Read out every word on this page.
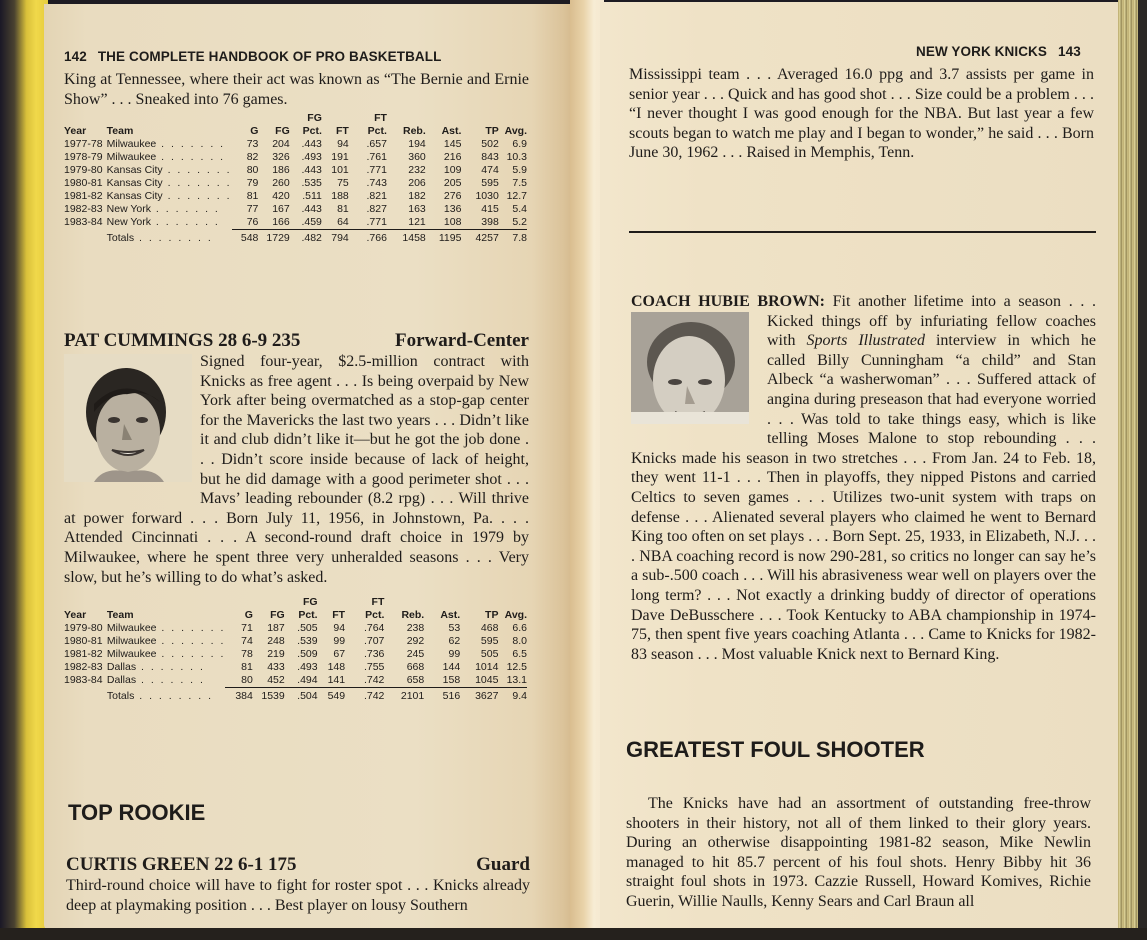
142 THE COMPLETE HANDBOOK OF PRO BASKETBALL

King at Tennessee, where their act was known as “The Bernie and Ernie Show” . . . Sneaked into 76 games.

				FG		FT				
Year	Team	G	FG	Pct.	FT	Pct.	Reb.	Ast.	TP	Avg.
1977-78	Milwaukee . . . . . . .	73	204	.443	94	.657	194	145	502	6.9
1978-79	Milwaukee . . . . . . .	82	326	.493	191	.761	360	216	843	10.3
1979-80	Kansas City . . . . . . .	80	186	.443	101	.771	232	109	474	5.9
1980-81	Kansas City . . . . . . .	79	260	.535	75	.743	206	205	595	7.5
1981-82	Kansas City . . . . . . .	81	420	.511	188	.821	182	276	1030	12.7
1982-83	New York . . . . . . .	77	167	.443	81	.827	163	136	415	5.4
1983-84	New York . . . . . . .	76	166	.459	64	.771	121	108	398	5.2
	Totals . . . . . . . .	548	1729	.482	794	.766	1458	1195	4257	7.8
PAT CUMMINGS 28 6-9 235	Forward-Center

Signed four-year, $2.5-million contract with Knicks as free agent . . . Is being overpaid by New York after being overmatched as a stop-gap center for the Mavericks the last two years . . . Didn’t like it and club didn’t like it—but he got the job done . . . Didn’t score inside because of lack of height, but he did damage with a good perimeter shot . . . Mavs’ leading rebounder (8.2 rpg) . . . Will thrive at power forward . . . Born July 11, 1956, in Johnstown, Pa. . . . Attended Cincinnati . . . A second-round draft choice in 1979 by Milwaukee, where he spent three very unheralded seasons . . . Very slow, but he’s willing to do what’s asked.

				FG		FT				
Year	Team	G	FG	Pct.	FT	Pct.	Reb.	Ast.	TP	Avg.
1979-80	Milwaukee . . . . . . .	71	187	.505	94	.764	238	53	468	6.6
1980-81	Milwaukee . . . . . . .	74	248	.539	99	.707	292	62	595	8.0
1981-82	Milwaukee . . . . . . .	78	219	.509	67	.736	245	99	505	6.5
1982-83	Dallas . . . . . . .	81	433	.493	148	.755	668	144	1014	12.5
1983-84	Dallas . . . . . . .	80	452	.494	141	.742	658	158	1045	13.1
	Totals . . . . . . . .	384	1539	.504	549	.742	2101	516	3627	9.4
TOP ROOKIE
CURTIS GREEN 22 6-1 175	Guard

Third-round choice will have to fight for roster spot . . . Knicks already deep at playmaking position . . . Best player on lousy Southern

NEW YORK KNICKS 143

Mississippi team . . . Averaged 16.0 ppg and 3.7 assists per game in senior year . . . Quick and has good shot . . . Size could be a problem . . . “I never thought I was good enough for the NBA. But last year a few scouts began to watch me play and I began to wonder,” he said . . . Born June 30, 1962 . . . Raised in Memphis, Tenn.

COACH HUBIE BROWN: Fit another lifetime into a season . . . Kicked things off by infuriating fellow coaches with Sports Illustrated interview in which he called Billy Cunningham “a child” and Stan Albeck “a washerwoman” . . . Suffered attack of angina during preseason that had everyone worried . . . Was told to take things easy, which is like telling Moses Malone to stop rebounding . . . Knicks made his season in two stretches . . . From Jan. 24 to Feb. 18, they went 11-1 . . . Then in playoffs, they nipped Pistons and carried Celtics to seven games . . . Utilizes two-unit system with traps on defense . . . Alienated several players who claimed he went to Bernard King too often on set plays . . . Born Sept. 25, 1933, in Elizabeth, N.J. . . . NBA coaching record is now 290-281, so critics no longer can say he’s a sub-.500 coach . . . Will his abrasiveness wear well on players over the long term? . . . Not exactly a drinking buddy of director of operations Dave DeBusschere . . . Took Kentucky to ABA championship in 1974-75, then spent five years coaching Atlanta . . . Came to Knicks for 1982-83 season . . . Most valuable Knick next to Bernard King.

GREATEST FOUL SHOOTER

The Knicks have had an assortment of outstanding free-throw shooters in their history, not all of them linked to their glory years. During an otherwise disappointing 1981-82 season, Mike Newlin managed to hit 85.7 percent of his foul shots. Henry Bibby hit 36 straight foul shots in 1973. Cazzie Russell, Howard Komives, Richie Guerin, Willie Naulls, Kenny Sears and Carl Braun all
